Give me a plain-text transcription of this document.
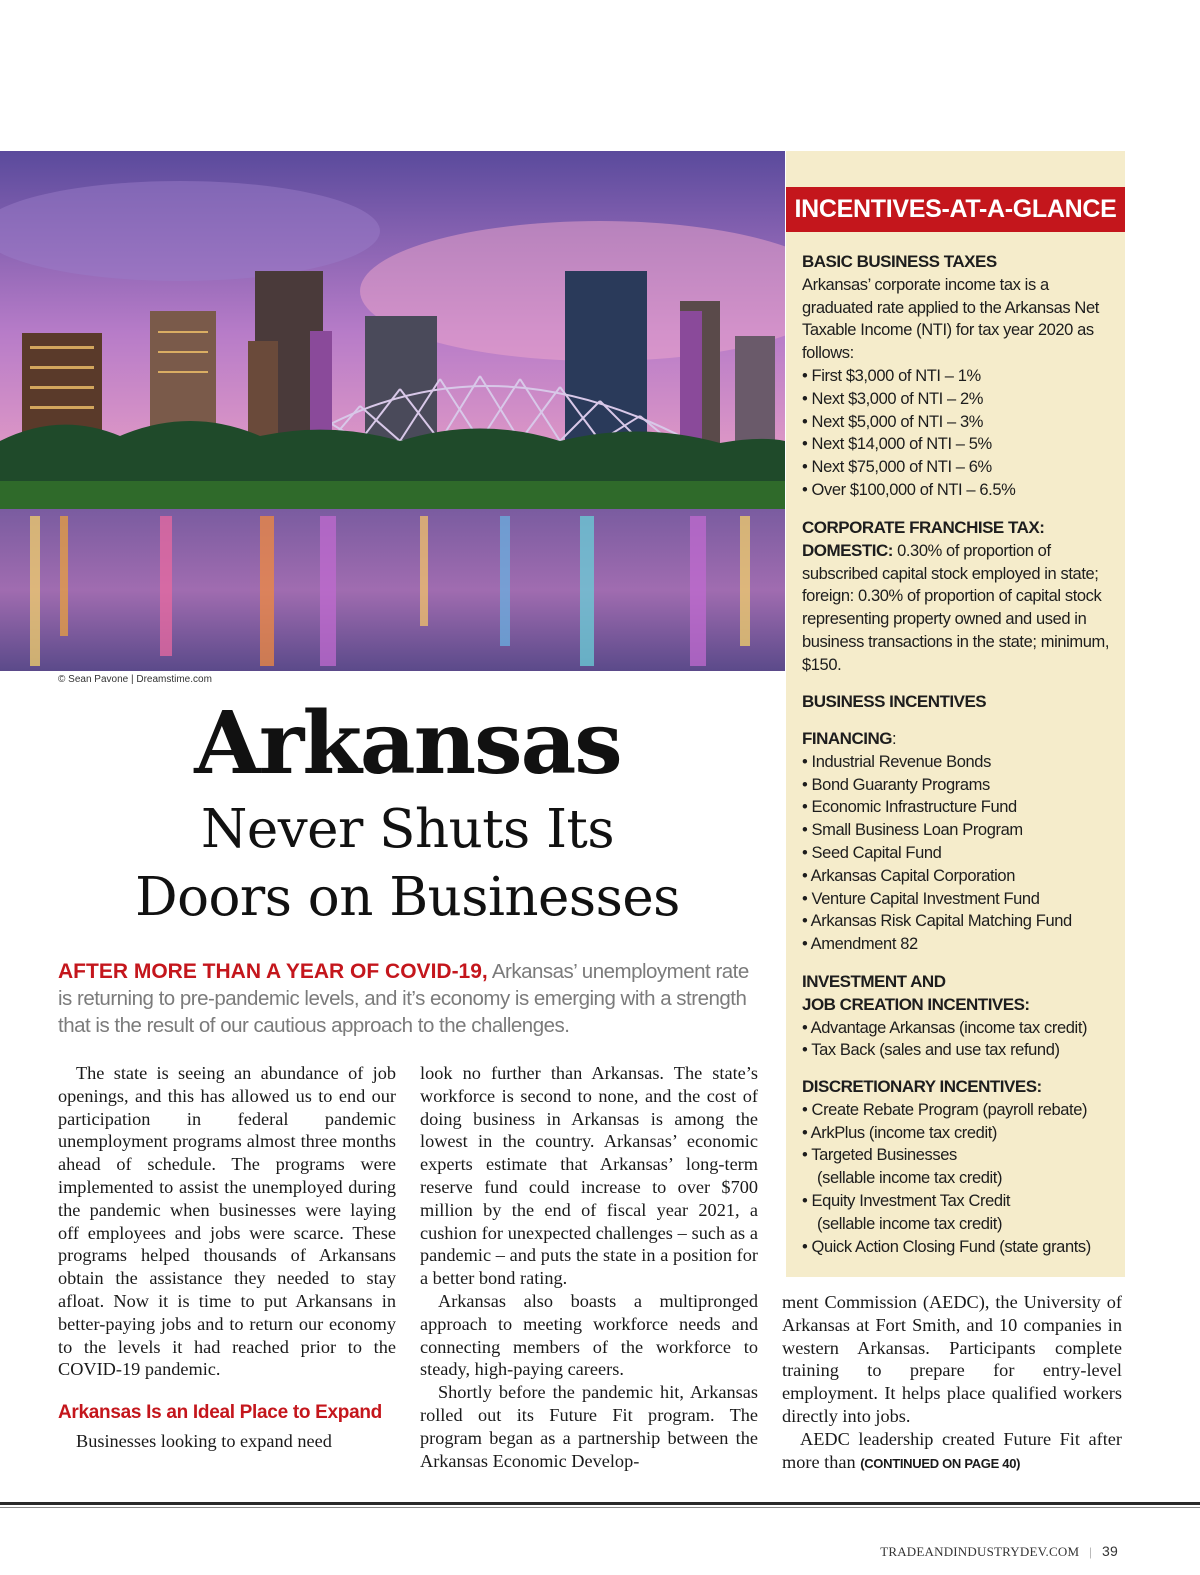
© Sean Pavone | Dreamstime.com
INCENTIVES-AT-A-GLANCE
BASIC BUSINESS TAXES
Arkansas’ corporate income tax is a graduated rate applied to the Arkansas Net Taxable Income (NTI) for tax year 2020 as follows:
• First $3,000 of NTI – 1%
• Next $3,000 of NTI – 2%
• Next $5,000 of NTI – 3%
• Next $14,000 of NTI – 5%
• Next $75,000 of NTI – 6%
• Over $100,000 of NTI – 6.5%
CORPORATE FRANCHISE TAX:
DOMESTIC: 0.30% of proportion of subscribed capital stock employed in state; foreign: 0.30% of proportion of capital stock representing property owned and used in business transactions in the state; minimum, $150.
BUSINESS INCENTIVES
FINANCING:
• Industrial Revenue Bonds
• Bond Guaranty Programs
• Economic Infrastructure Fund
• Small Business Loan Program
• Seed Capital Fund
• Arkansas Capital Corporation
• Venture Capital Investment Fund
• Arkansas Risk Capital Matching Fund
• Amendment 82
INVESTMENT AND
JOB CREATION INCENTIVES:
• Advantage Arkansas (income tax credit)
• Tax Back (sales and use tax refund)
DISCRETIONARY INCENTIVES:
• Create Rebate Program (payroll rebate)
• ArkPlus (income tax credit)
• Targeted Businesses
(sellable income tax credit)
• Equity Investment Tax Credit
(sellable income tax credit)
• Quick Action Closing Fund (state grants)
Arkansas
Never Shuts Its
Doors on Businesses
AFTER MORE THAN A YEAR OF COVID-19, Arkansas’ unemployment rate is returning to pre-pandemic levels, and it’s economy is emerging with a strength that is the result of our cautious approach to the challenges.

The state is seeing an abundance of job openings, and this has allowed us to end our participation in federal pandemic unemployment programs almost three months ahead of schedule. The programs were implemented to assist the unemployed during the pandemic when businesses were laying off employees and jobs were scarce. These programs helped thousands of Arkansans obtain the assistance they needed to stay afloat. Now it is time to put Arkansans in better-paying jobs and to return our economy to the levels it had reached prior to the COVID-19 pandemic.

Arkansas Is an Ideal Place to Expand

Businesses looking to expand need

look no further than Arkansas. The state’s workforce is second to none, and the cost of doing business in Arkansas is among the lowest in the country. Arkansas’ economic experts estimate that Arkansas’ long-term reserve fund could increase to over $700 million by the end of fiscal year 2021, a cushion for unexpected challenges – such as a pandemic – and puts the state in a position for a better bond rating.

Arkansas also boasts a multipronged approach to meeting workforce needs and connecting members of the workforce to steady, high-paying careers.

Shortly before the pandemic hit, Arkansas rolled out its Future Fit program. The program began as a partnership between the Arkansas Economic Develop-

ment Commission (AEDC), the University of Arkansas at Fort Smith, and 10 companies in western Arkansas. Participants complete training to prepare for entry-level employment. It helps place qualified workers directly into jobs.

AEDC leadership created Future Fit after more than (CONTINUED ON PAGE 40)

TRADEANDINDUSTRYDEV.COM | 39
